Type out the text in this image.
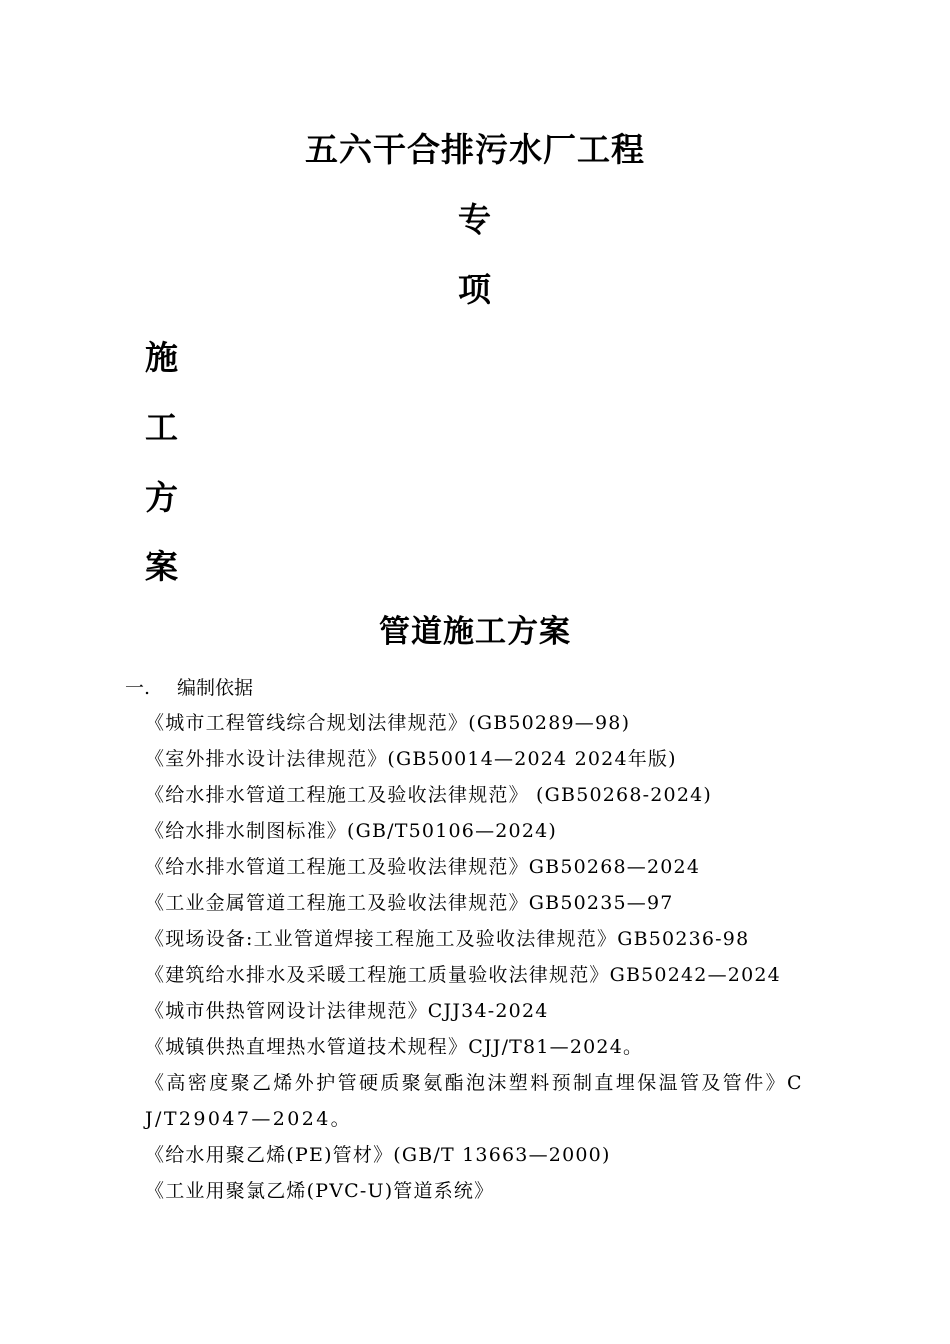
五六干合排污水厂工程
专
项
施
工
方
案
管道施工方案
一. 编制依据
《城市工程管线综合规划法律规范》(GB50289—98)
《室外排水设计法律规范》(GB50014—2024 2024年版)
《给水排水管道工程施工及验收法律规范》 (GB50268-2024)
《给水排水制图标准》(GB/T50106—2024)
《给水排水管道工程施工及验收法律规范》GB50268—2024
《工业金属管道工程施工及验收法律规范》GB50235—97
《现场设备:工业管道焊接工程施工及验收法律规范》GB50236-98
《建筑给水排水及采暖工程施工质量验收法律规范》GB50242—2024
《城市供热管网设计法律规范》CJJ34-2024
《城镇供热直埋热水管道技术规程》CJJ/T81—2024。
《高密度聚乙烯外护管硬质聚氨酯泡沫塑料预制直埋保温管及管件》CJ/T29047—2024。
《给水用聚乙烯(PE)管材》(GB/T 13663—2000)
《工业用聚氯乙烯(PVC-U)管道系统》
